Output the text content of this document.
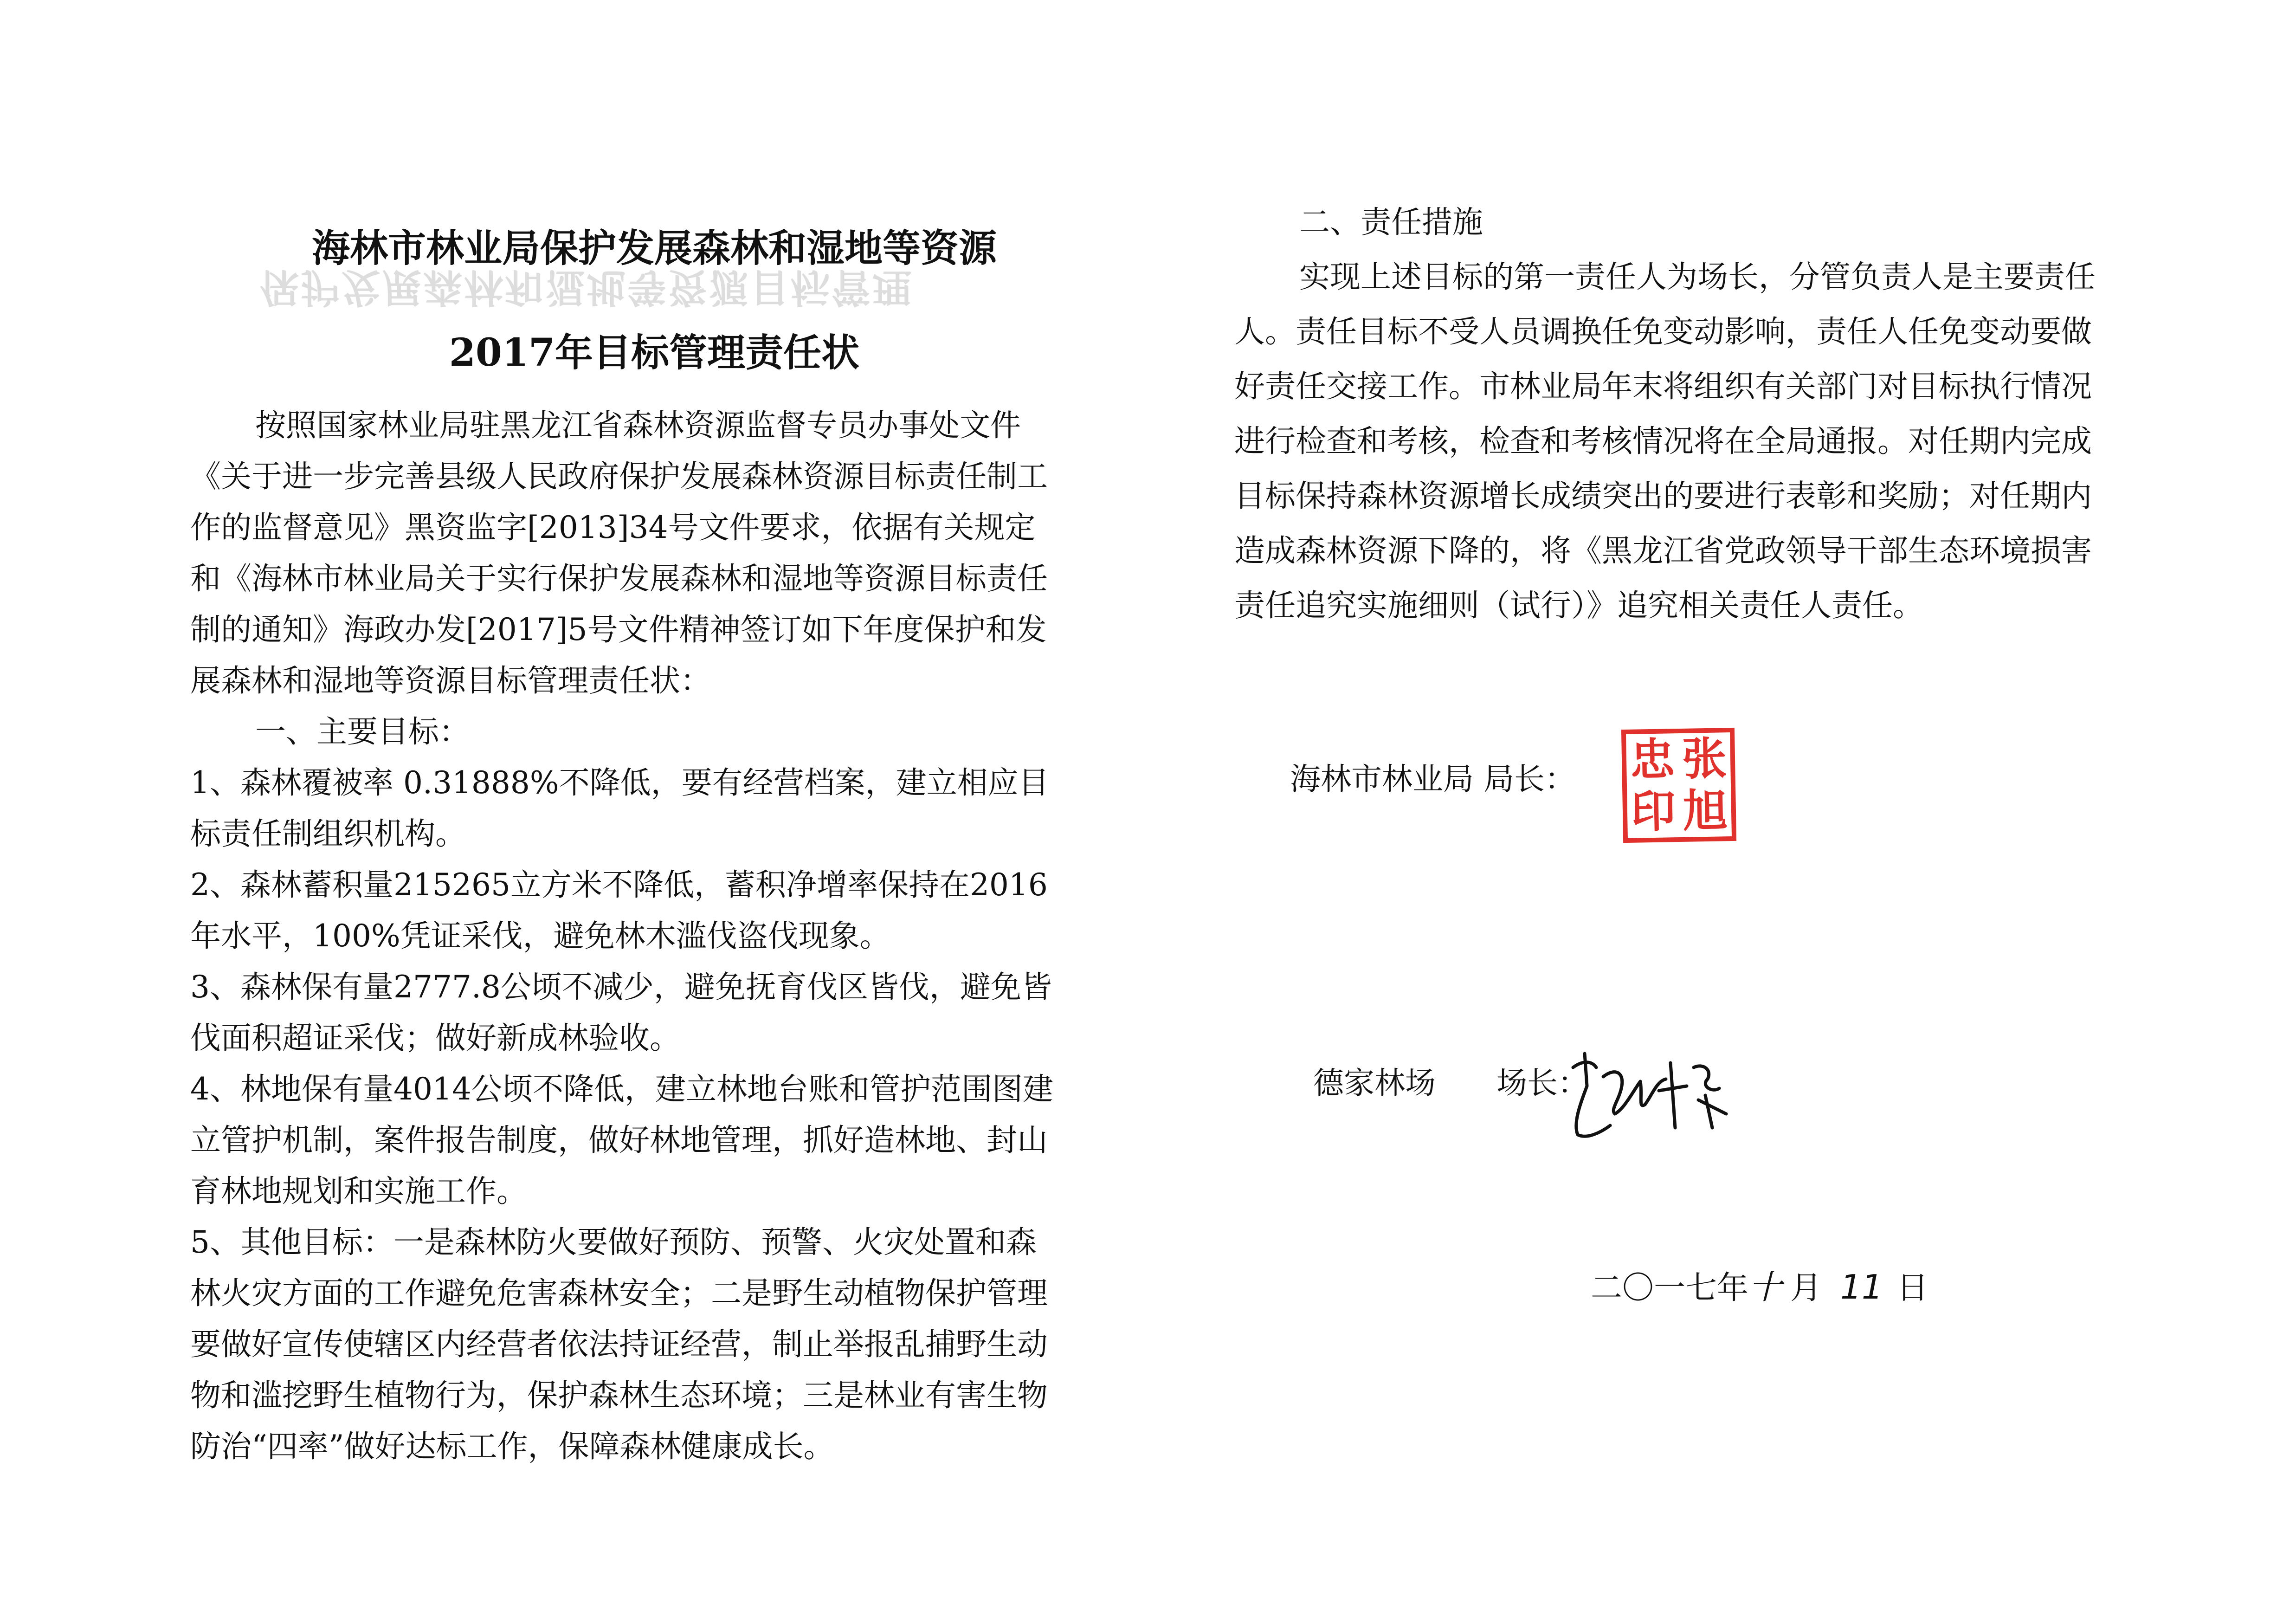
保护发展森林和湿地等资源目标管理
海林市林业局保护发展森林和湿地等资源
2017年目标管理责任状

按照国家林业局驻黑龙江省森林资源监督专员办事处文件《关于进一步完善县级人民政府保护发展森林资源目标责任制工作的监督意见》黑资监字[2013]34号文件要求，依据有关规定和《海林市林业局关于实行保护发展森林和湿地等资源目标责任制的通知》海政办发[2017]5号文件精神签订如下年度保护和发展森林和湿地等资源目标管理责任状：

一、主要目标：

1、森林覆被率 0.31888%不降低，要有经营档案，建立相应目标责任制组织机构。

2、森林蓄积量215265立方米不降低，蓄积净增率保持在2016年水平，100%凭证采伐，避免林木滥伐盗伐现象。

3、森林保有量2777.8公顷不减少，避免抚育伐区皆伐，避免皆伐面积超证采伐；做好新成林验收。

4、林地保有量4014公顷不降低，建立林地台账和管护范围图建立管护机制，案件报告制度，做好林地管理，抓好造林地、封山育林地规划和实施工作。

5、其他目标：一是森林防火要做好预防、预警、火灾处置和森林火灾方面的工作避免危害森林安全；二是野生动植物保护管理要做好宣传使辖区内经营者依法持证经营，制止举报乱捕野生动物和滥挖野生植物行为，保护森林生态环境；三是林业有害生物防治“四率”做好达标工作，保障森林健康成长。

二、责任措施

实现上述目标的第一责任人为场长，分管负责人是主要责任人。责任目标不受人员调换任免变动影响，责任人任免变动要做好责任交接工作。市林业局年末将组织有关部门对目标执行情况进行检查和考核，检查和考核情况将在全局通报。对任期内完成目标保持森林资源增长成绩突出的要进行表彰和奖励；对任期内造成森林资源下降的，将《黑龙江省党政领导干部生态环境损害责任追究实施细则（试行）》追究相关责任人责任。

海林市林业局 局长： 忠 张
印 旭
德家林场 场长：
二〇一七年十 月 11 日
